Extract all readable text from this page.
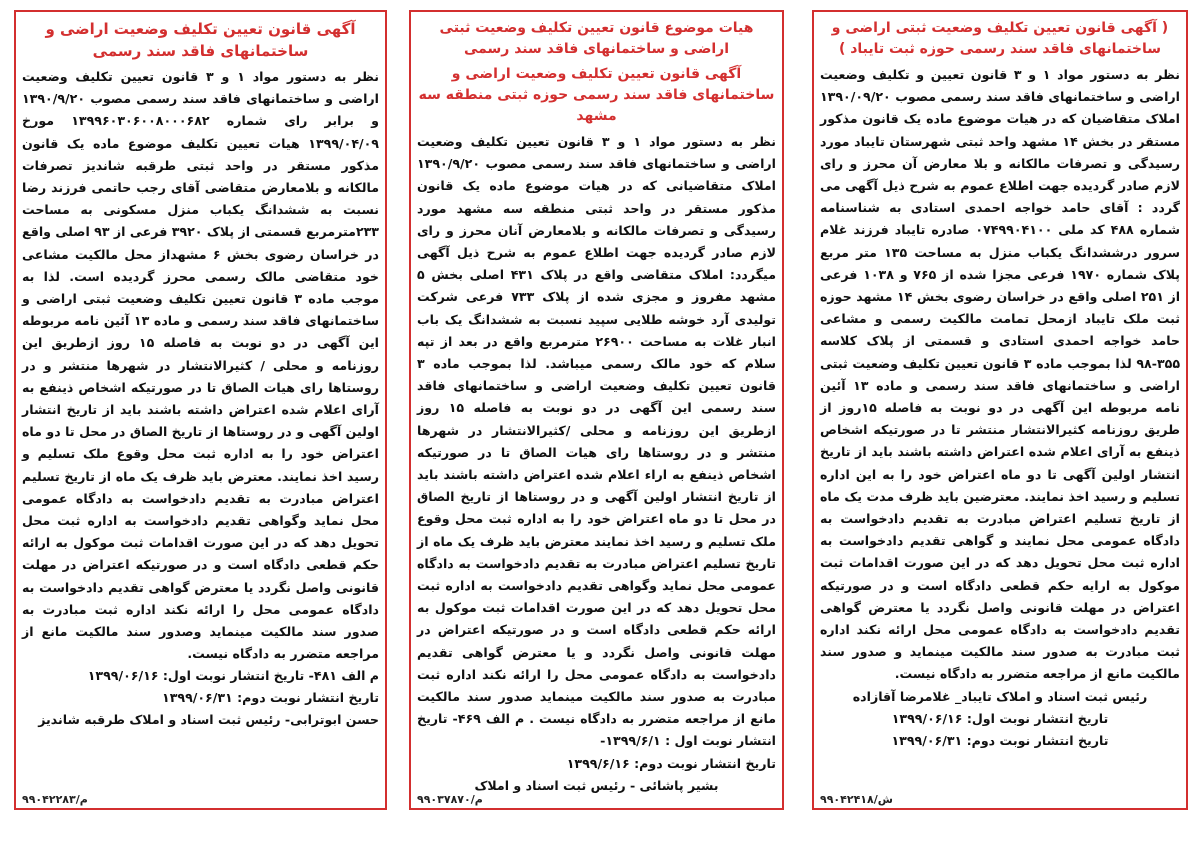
( آگهی قانون تعیین تکلیف وضعیت ثبتی اراضی و ساختمانهای فاقد سند رسمی حوزه ثبت تایباد )

نظر به دستور مواد ۱ و ۳ قانون تعیین و تکلیف وضعیت اراضی و ساختمانهای فاقد سند رسمی مصوب ۱۳۹۰/۰۹/۲۰ املاک متقاضیان که در هیات موضوع ماده یک قانون مذکور مستقر در بخش ۱۴ مشهد واحد ثبتی شهرستان تایباد مورد رسیدگی و تصرفات مالکانه و بلا معارض آن محرز و رای لازم صادر گردیده جهت اطلاع عموم به شرح ذیل آگهی می گردد : آقای حامد خواجه احمدی استادی به شناسنامه شماره ۴۸۸ کد ملی ۰۷۴۹۹۰۴۱۰۰ صادره تایباد فرزند غلام سرور درششدانگ یکباب منزل به مساحت ۱۳۵ متر مربع پلاک شماره ۱۹۷۰ فرعی مجزا شده از ۷۶۵ و ۱۰۳۸ فرعی از ۲۵۱ اصلی واقع در خراسان رضوی بخش ۱۴ مشهد حوزه ثبت ملک تایباد ازمحل تمامت مالکیت رسمی و مشاعی حامد خواجه احمدی استادی و قسمتی از پلاک کلاسه ۳۵۵-۹۸ لذا بموجب ماده ۳ قانون تعیین تکلیف وضعیت ثبتی اراضی و ساختمانهای فاقد سند رسمی و ماده ۱۳ آئین نامه مربوطه این آگهی در دو نوبت به فاصله ۱۵روز از طریق روزنامه کثیرالانتشار منتشر تا در صورتیکه اشخاص ذینفع به آرای اعلام شده اعتراض داشته باشند باید از تاریخ انتشار اولین آگهی تا دو ماه اعتراض خود را به این اداره تسلیم و رسید اخذ نمایند. معترضین باید ظرف مدت یک ماه از تاریخ تسلیم اعتراض مبادرت به تقدیم دادخواست به دادگاه عمومی محل نمایند و گواهی تقدیم دادخواست به اداره ثبت محل تحویل دهد که در این صورت اقدامات ثبت موکول به ارایه حکم قطعی دادگاه است و در صورتیکه اعتراض در مهلت قانونی واصل نگردد یا معترض گواهی تقدیم دادخواست به دادگاه عمومی محل ارائه نکند اداره ثبت مبادرت به صدور سند مالکیت مینماید و صدور سند مالکیت مانع از مراجعه متضرر به دادگاه نیست.

رئیس ثبت اسناد و املاک تایباد_ غلامرضا آقازاده

تاریخ انتشار نوبت اول: ۱۳۹۹/۰۶/۱۶

تاریخ انتشار نوبت دوم: ۱۳۹۹/۰۶/۳۱

ش/۹۹۰۴۲۴۱۸
هیات موضوع قانون تعیین تکلیف وضعیت ثبتی اراضی و ساختمانهای فاقد سند رسمی
آگهی قانون تعیین تکلیف وضعیت اراضی و ساختمانهای فاقد سند رسمی حوزه ثبتی منطقه سه مشهد

نظر به دستور مواد ۱ و ۳ قانون تعیین تکلیف وضعیت اراضی و ساختمانهای فاقد سند رسمی مصوب ۱۳۹۰/۹/۲۰ املاک متقاضیانی که در هیات موضوع ماده یک قانون مذکور مستقر در واحد ثبتی منطقه سه مشهد مورد رسیدگی و تصرفات مالکانه و بلامعارض آنان محرز و رای لازم صادر گردیده جهت اطلاع عموم به شرح ذیل آگهی میگردد: املاک متقاضی واقع در پلاک ۴۳۱ اصلی بخش ۵ مشهد مفروز و مجزی شده از پلاک ۷۳۳ فرعی شرکت تولیدی آرد خوشه طلایی سپید نسبت به ششدانگ یک باب انبار غلات به مساحت ۲۶۹۰۰ مترمربع واقع در بعد از تپه سلام که خود مالک رسمی میباشد. لذا بموجب ماده ۳ قانون تعیین تکلیف وضعیت اراضی و ساختمانهای فاقد سند رسمی این آگهی در دو نوبت به فاصله ۱۵ روز ازطریق این روزنامه و محلی /کثیرالانتشار در شهرها منتشر و در روستاها رای هیات الصاق تا در صورتیکه اشخاص ذینفع به اراء اعلام شده اعتراض داشته باشند باید از تاریخ انتشار اولین آگهی و در روستاها از تاریخ الصاق در محل تا دو ماه اعتراض خود را به اداره ثبت محل وقوع ملک تسلیم و رسید اخذ نمایند معترض باید ظرف یک ماه از تاریخ تسلیم اعتراض مبادرت به تقدیم دادخواست به دادگاه عمومی محل نماید وگواهی تقدیم دادخواست به اداره ثبت محل تحویل دهد که در این صورت اقدامات ثبت موکول به ارائه حکم قطعی دادگاه است و در صورتیکه اعتراض در مهلت قانونی واصل نگردد و یا معترض گواهی تقدیم دادخواست به دادگاه عمومی محل را ارائه نکند اداره ثبت مبادرت به صدور سند مالکیت مینماید صدور سند مالکیت مانع از مراجعه متضرر به دادگاه نیست . م الف ۴۶۹- تاریخ انتشار نوبت اول : ۱۳۹۹/۶/۱-

تاریخ انتشار نوبت دوم: ۱۳۹۹/۶/۱۶

بشیر پاشائی - رئیس ثبت اسناد و املاک

م/۹۹۰۳۷۸۷۰
آگهی قانون تعیین تکلیف وضعیت اراضی و ساختمانهای فاقد سند رسمی

نظر به دستور مواد ۱ و ۳ قانون تعیین تکلیف وضعیت اراضی و ساختمانهای فاقد سند رسمی مصوب ۱۳۹۰/۹/۲۰ و برابر رای شماره ۱۳۹۹۶۰۳۰۶۰۰۸۰۰۰۶۸۲ مورخ ۱۳۹۹/۰۴/۰۹ هیات تعیین تکلیف موضوع ماده یک قانون مذکور مستقر در واحد ثبتی طرقبه شاندیز تصرفات مالکانه و بلامعارض متقاضی آقای رجب حاتمی فرزند رضا نسبت به ششدانگ یکباب منزل مسکونی به مساحت ۲۳۳مترمربع قسمتی از پلاک ۳۹۲۰ فرعی از ۹۳ اصلی واقع در خراسان رضوی بخش ۶ مشهداز محل مالکیت مشاعی خود متقاضی مالک رسمی محرز گردیده است. لذا به موجب ماده ۳ قانون تعیین تکلیف وضعیت ثبتی اراضی و ساختمانهای فاقد سند رسمی و ماده ۱۳ آئین نامه مربوطه این آگهی در دو نوبت به فاصله ۱۵ روز ازطریق این روزنامه و محلی / کثیرالانتشار در شهرها منتشر و در روستاها رای هیات الصاق تا در صورتیکه اشخاص ذینفع به آرای اعلام شده اعتراض داشته باشند باید از تاریخ انتشار اولین آگهی و در روستاها از تاریخ الصاق در محل تا دو ماه اعتراض خود را به اداره ثبت محل وقوع ملک تسلیم و رسید اخذ نمایند. معترض باید ظرف یک ماه از تاریخ تسلیم اعتراض مبادرت به تقدیم دادخواست به دادگاه عمومی محل نماید وگواهی تقدیم دادخواست به اداره ثبت محل تحویل دهد که در این صورت اقدامات ثبت موکول به ارائه حکم قطعی دادگاه است و در صورتیکه اعتراض در مهلت قانونی واصل نگردد یا معترض گواهی تقدیم دادخواست به دادگاه عمومی محل را ارائه نکند اداره ثبت مبادرت به صدور سند مالکیت مینماید وصدور سند مالکیت مانع از مراجعه متضرر به دادگاه نیست.

م الف ۴۸۱- تاریخ انتشار نوبت اول: ۱۳۹۹/۰۶/۱۶

تاریخ انتشار نوبت دوم: ۱۳۹۹/۰۶/۳۱

حسن ابوترابی- رئیس ثبت اسناد و املاک طرقبه شاندیز

م/۹۹۰۴۲۲۸۳
